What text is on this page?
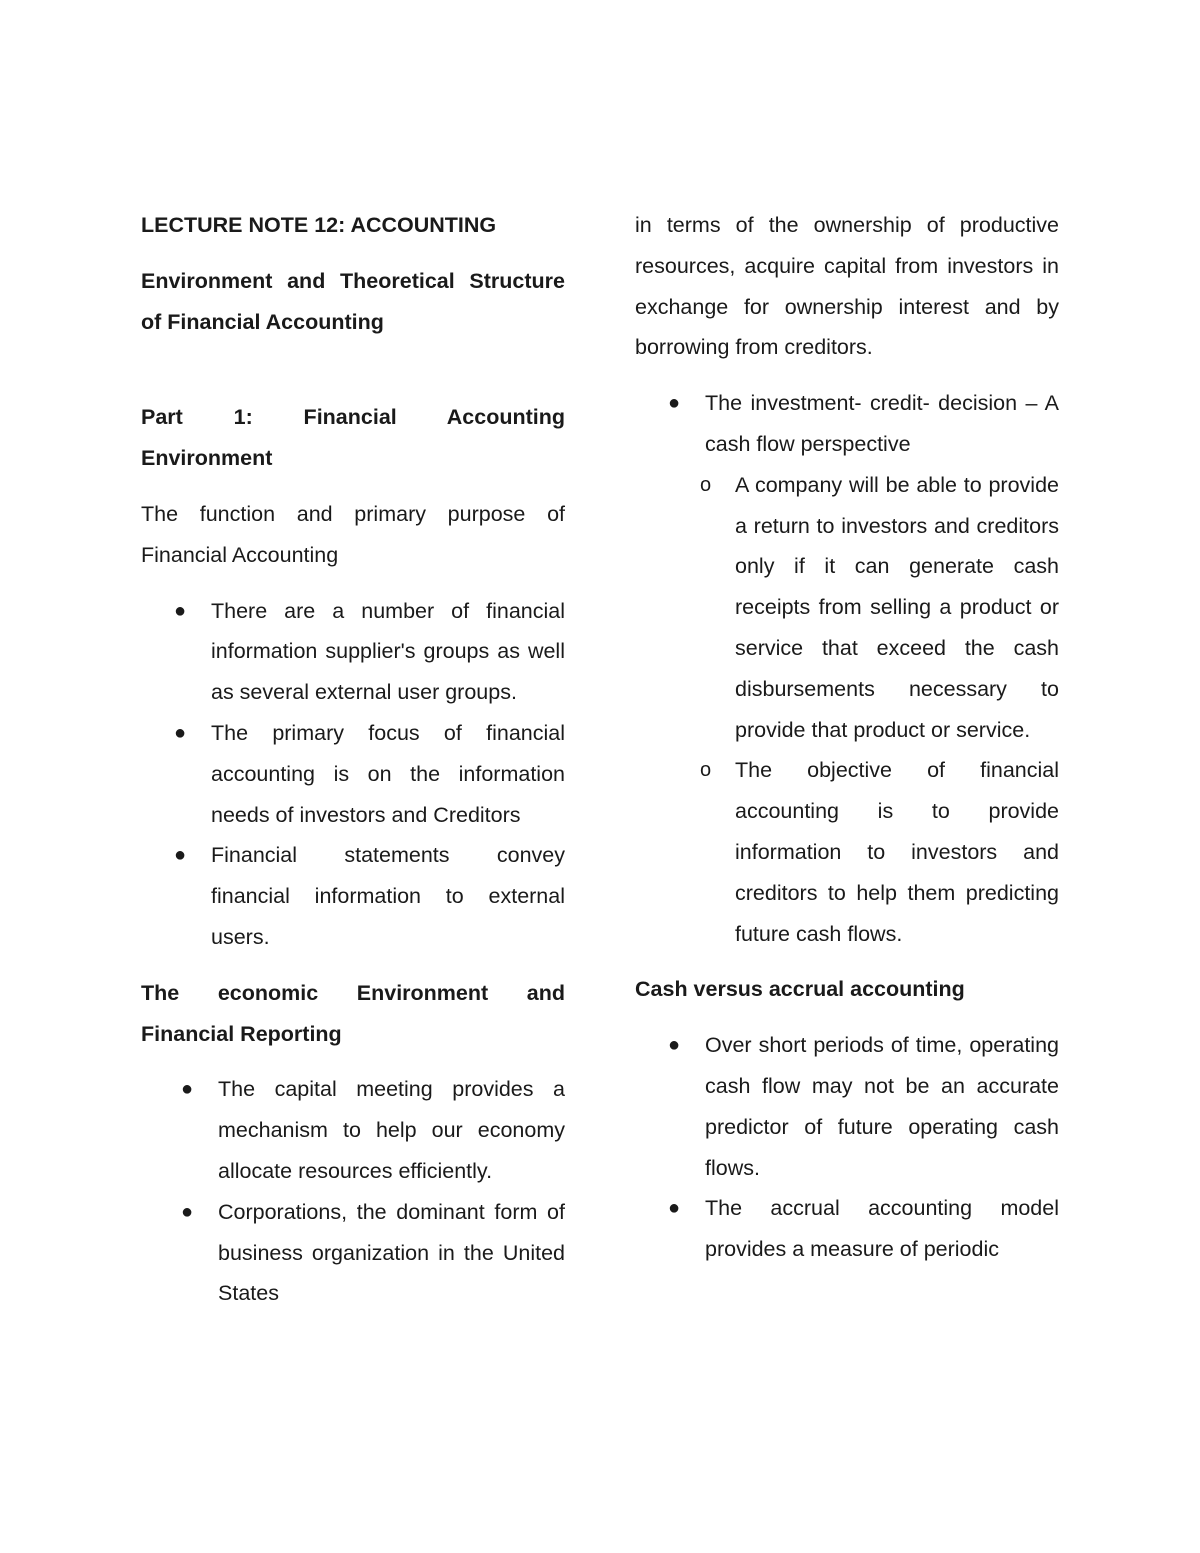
LECTURE NOTE 12: ACCOUNTING
Environment and Theoretical Structure of Financial Accounting
Part 1: Financial Accounting Environment
The function and primary purpose of Financial Accounting
● There are a number of financial information supplier's groups as well as several external user groups.
● The primary focus of financial accounting is on the information needs of investors and Creditors
● Financial statements convey financial information to external users.
The economic Environment and Financial Reporting
● The capital meeting provides a mechanism to help our economy allocate resources efficiently.
● Corporations, the dominant form of business organization in the United States
in terms of the ownership of productive resources, acquire capital from investors in exchange for ownership interest and by borrowing from creditors.
● The investment- credit- decision – A cash flow perspective
o A company will be able to provide a return to investors and creditors only if it can generate cash receipts from selling a product or service that exceed the cash disbursements necessary to provide that product or service.
o The objective of financial accounting is to provide information to investors and creditors to help them predicting future cash flows.
Cash versus accrual accounting
● Over short periods of time, operating cash flow may not be an accurate predictor of future operating cash flows.
● The accrual accounting model provides a measure of periodic
